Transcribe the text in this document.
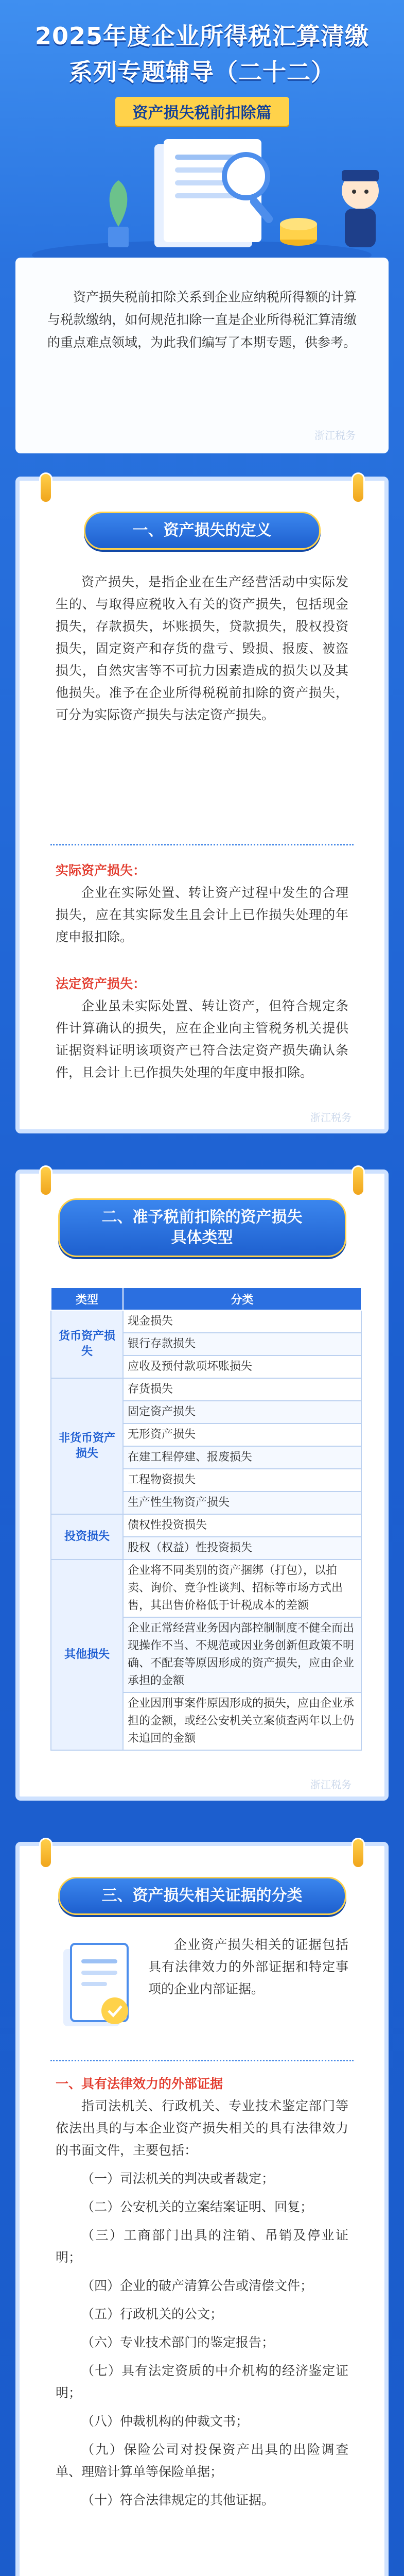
2025年度企业所得税汇算清缴
系列专题辅导（二十二）
资产损失税前扣除篇
资产损失税前扣除关系到企业应纳税所得额的计算与税款缴纳，如何规范扣除一直是企业所得税汇算清缴的重点难点领域，为此我们编写了本期专题，供参考。
浙江税务
一、资产损失的定义

资产损失，是指企业在生产经营活动中实际发生的、与取得应税收入有关的资产损失，包括现金损失，存款损失，坏账损失，贷款损失，股权投资损失，固定资产和存货的盘亏、毁损、报废、被盗损失，自然灾害等不可抗力因素造成的损失以及其他损失。准予在企业所得税税前扣除的资产损失，可分为实际资产损失与法定资产损失。

实际资产损失：

企业在实际处置、转让资产过程中发生的合理损失，应在其实际发生且会计上已作损失处理的年度申报扣除。

法定资产损失：

企业虽未实际处置、转让资产，但符合规定条件计算确认的损失，应在企业向主管税务机关提供证据资料证明该项资产已符合法定资产损失确认条件，且会计上已作损失处理的年度申报扣除。

浙江税务
二、准予税前扣除的资产损失
具体类型
类型	分类
货币资产损失	现金损失
	银行存款损失
	应收及预付款项坏账损失
非货币资产损失	存货损失
	固定资产损失
	无形资产损失
	在建工程停建、报废损失
	工程物资损失
	生产性生物资产损失
投资损失	债权性投资损失
	股权（权益）性投资损失
其他损失	企业将不同类别的资产捆绑（打包），以拍卖、询价、竞争性谈判、招标等市场方式出售，其出售价格低于计税成本的差额
	企业正常经营业务因内部控制制度不健全而出现操作不当、不规范或因业务创新但政策不明确、不配套等原因形成的资产损失，应由企业承担的金额
	企业因刑事案件原因形成的损失，应由企业承担的金额，或经公安机关立案侦查两年以上仍未追回的金额
浙江税务
三、资产损失相关证据的分类

企业资产损失相关的证据包括具有法律效力的外部证据和特定事项的企业内部证据。

一、具有法律效力的外部证据

指司法机关、行政机关、专业技术鉴定部门等依法出具的与本企业资产损失相关的具有法律效力的书面文件，主要包括：

（一）司法机关的判决或者裁定；

（二）公安机关的立案结案证明、回复；

（三）工商部门出具的注销、吊销及停业证明；

（四）企业的破产清算公告或清偿文件；

（五）行政机关的公文；

（六）专业技术部门的鉴定报告；

（七）具有法定资质的中介机构的经济鉴定证明；

（八）仲裁机构的仲裁文书；

（九）保险公司对投保资产出具的出险调查单、理赔计算单等保险单据；

（十）符合法律规定的其他证据。
